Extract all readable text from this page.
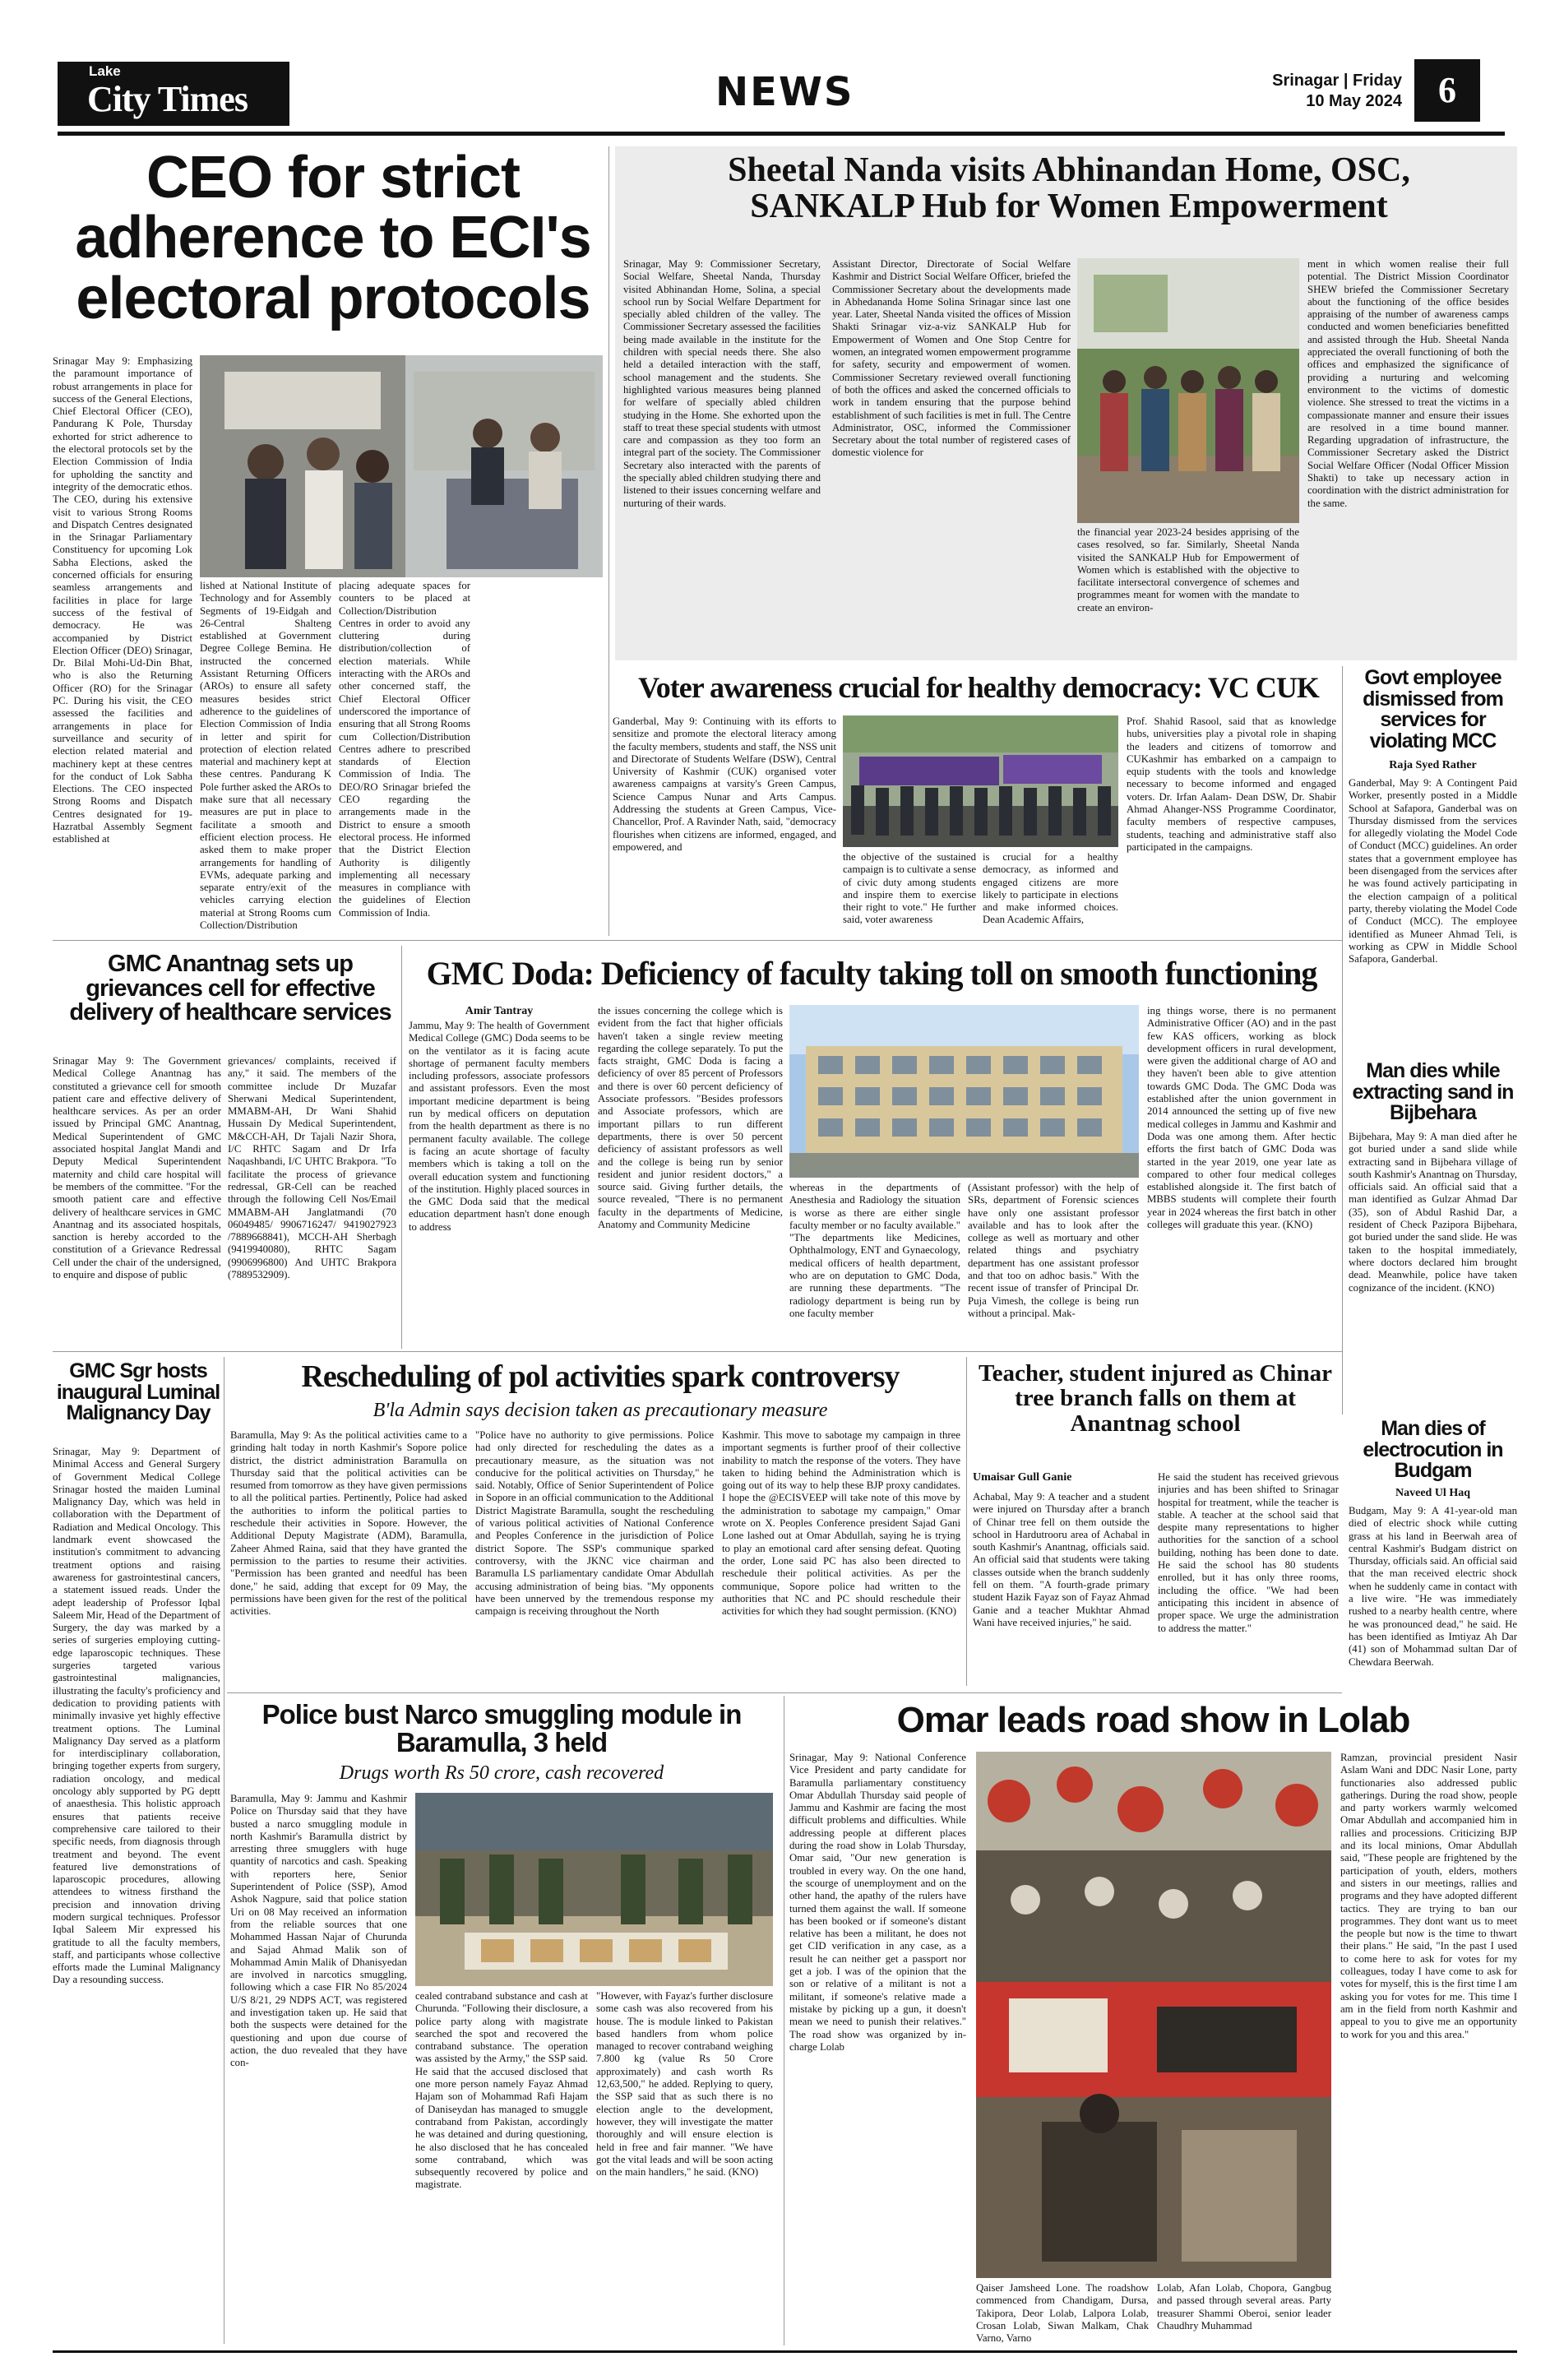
Lake
City Times	NEWS	Srinagar | Friday
10 May 2024	6
CEO for strict adherence to ECI's electoral protocols

Srinagar May 9: Emphasizing the paramount importance of robust arrangements in place for success of the General Elections, Chief Electoral Officer (CEO), Pandurang K Pole, Thursday exhorted for strict adherence to the electoral protocols set by the Election Commission of India for upholding the sanctity and integrity of the democratic ethos. The CEO, during his extensive visit to various Strong Rooms and Dispatch Centres designated in the Srinagar Parliamentary Constituency for upcoming Lok Sabha Elections, asked the concerned officials for ensuring seamless arrangements and facilities in place for large success of the festival of democracy. He was accompanied by District Election Officer (DEO) Srinagar, Dr. Bilal Mohi-Ud-Din Bhat, who is also the Returning Officer (RO) for the Srinagar PC. During his visit, the CEO assessed the facilities and arrangements in place for surveillance and security of election related material and machinery kept at these centres for the conduct of Lok Sabha Elections. The CEO inspected Strong Rooms and Dispatch Centres designated for 19-Hazratbal Assembly Segment established at

lished at National Institute of Technology and for Assembly Segments of 19-Eidgah and 26-Central Shalteng established at Government Degree College Bemina. He instructed the concerned Assistant Returning Officers (AROs) to ensure all safety measures besides strict adherence to the guidelines of Election Commission of India in letter and spirit for protection of election related material and machinery kept at these centres. Pandurang K Pole further asked the AROs to make sure that all necessary measures are put in place to facilitate a smooth and efficient election process. He asked them to make proper arrangements for handling of EVMs, adequate parking and separate entry/exit of the vehicles carrying election material at Strong Rooms cum Collection/Distribution

placing adequate spaces for counters to be placed at Collection/Distribution Centres in order to avoid any cluttering during distribution/collection of election materials. While interacting with the AROs and other concerned staff, the Chief Electoral Officer underscored the importance of ensuring that all Strong Rooms cum Collection/Distribution Centres adhere to prescribed standards of Election Commission of India. The DEO/RO Srinagar briefed the CEO regarding the arrangements made in the District to ensure a smooth electoral process. He informed that the District Election Authority is diligently implementing all necessary measures in compliance with the guidelines of Election Commission of India.

Sheetal Nanda visits Abhinandan Home, OSC, SANKALP Hub for Women Empowerment

Srinagar, May 9: Commissioner Secretary, Social Welfare, Sheetal Nanda, Thursday visited Abhinandan Home, Solina, a special school run by Social Welfare Department for specially abled children of the valley. The Commissioner Secretary assessed the facilities being made available in the institute for the children with special needs there. She also held a detailed interaction with the staff, school management and the students. She highlighted various measures being planned for welfare of specially abled children studying in the Home. She exhorted upon the staff to treat these special students with utmost care and compassion as they too form an integral part of the society. The Commissioner Secretary also interacted with the parents of the specially abled children studying there and listened to their issues concerning welfare and nurturing of their wards.

Assistant Director, Directorate of Social Welfare Kashmir and District Social Welfare Officer, briefed the Commissioner Secretary about the developments made in Abhedananda Home Solina Srinagar since last one year. Later, Sheetal Nanda visited the offices of Mission Shakti Srinagar viz-a-viz SANKALP Hub for Empowerment of Women and One Stop Centre for women, an integrated women empowerment programme for safety, security and empowerment of women. Commissioner Secretary reviewed overall functioning of both the offices and asked the concerned officials to work in tandem ensuring that the purpose behind establishment of such facilities is met in full. The Centre Administrator, OSC, informed the Commissioner Secretary about the total number of registered cases of domestic violence for

the financial year 2023-24 besides apprising of the cases resolved, so far. Similarly, Sheetal Nanda visited the SANKALP Hub for Empowerment of Women which is established with the objective to facilitate intersectoral convergence of schemes and programmes meant for women with the mandate to create an environ-

ment in which women realise their full potential. The District Mission Coordinator SHEW briefed the Commissioner Secretary about the functioning of the office besides appraising of the number of awareness camps conducted and women beneficiaries benefitted and assisted through the Hub. Sheetal Nanda appreciated the overall functioning of both the offices and emphasized the significance of providing a nurturing and welcoming environment to the victims of domestic violence. She stressed to treat the victims in a compassionate manner and ensure their issues are resolved in a time bound manner. Regarding upgradation of infrastructure, the Commissioner Secretary asked the District Social Welfare Officer (Nodal Officer Mission Shakti) to take up necessary action in coordination with the district administration for the same.

Voter awareness crucial for healthy democracy: VC CUK

Ganderbal, May 9: Continuing with its efforts to sensitize and promote the electoral literacy among the faculty members, students and staff, the NSS unit and Directorate of Students Welfare (DSW), Central University of Kashmir (CUK) organised voter awareness campaigns at varsity's Green Campus, Science Campus Nunar and Arts Campus. Addressing the students at Green Campus, Vice-Chancellor, Prof. A Ravinder Nath, said, "democracy flourishes when citizens are informed, engaged, and empowered, and

the objective of the sustained campaign is to cultivate a sense of civic duty among students and inspire them to exercise their right to vote." He further said, voter awareness

is crucial for a healthy democracy, as informed and engaged citizens are more likely to participate in elections and make informed choices. Dean Academic Affairs,

Prof. Shahid Rasool, said that as knowledge hubs, universities play a pivotal role in shaping the leaders and citizens of tomorrow and CUKashmir has embarked on a campaign to equip students with the tools and knowledge necessary to become informed and engaged voters. Dr. Irfan Aalam- Dean DSW, Dr. Shabir Ahmad Ahanger-NSS Programme Coordinator, faculty members of respective campuses, students, teaching and administrative staff also participated in the campaigns.

Govt employee dismissed from services for violating MCC
Raja Syed Rather

Ganderbal, May 9: A Contingent Paid Worker, presently posted in a Middle School at Safapora, Ganderbal was on Thursday dismissed from the services for allegedly violating the Model Code of Conduct (MCC) guidelines. An order states that a government employee has been disengaged from the services after he was found actively participating in the election campaign of a political party, thereby violating the Model Code of Conduct (MCC). The employee identified as Muneer Ahmad Teli, is working as CPW in Middle School Safapora, Ganderbal.

Man dies while extracting sand in Bijbehara

Bijbehara, May 9: A man died after he got buried under a sand slide while extracting sand in Bijbehara village of south Kashmir's Anantnag on Thursday, officials said. An official said that a man identified as Gulzar Ahmad Dar (35), son of Abdul Rashid Dar, a resident of Check Pazipora Bijbehara, got buried under the sand slide. He was taken to the hospital immediately, where doctors declared him brought dead. Meanwhile, police have taken cognizance of the incident. (KNO)

Man dies of electrocution in Budgam
Naveed Ul Haq

Budgam, May 9: A 41-year-old man died of electric shock while cutting grass at his land in Beerwah area of central Kashmir's Budgam district on Thursday, officials said. An official said that the man received electric shock when he suddenly came in contact with a live wire. "He was immediately rushed to a nearby health centre, where he was pronounced dead," he said. He has been identified as Imtiyaz Ah Dar (41) son of Mohammad sultan Dar of Chewdara Beerwah.

GMC Anantnag sets up grievances cell for effective delivery of healthcare services

Srinagar May 9: The Government Medical College Anantnag has constituted a grievance cell for smooth patient care and effective delivery of healthcare services. As per an order issued by Principal GMC Anantnag, Medical Superintendent of GMC associated hospital Janglat Mandi and Deputy Medical Superintendent maternity and child care hospital will be members of the committee. "For the smooth patient care and effective delivery of healthcare services in GMC Anantnag and its associated hospitals, sanction is hereby accorded to the constitution of a Grievance Redressal Cell under the chair of the undersigned, to enquire and dispose of public

grievances/ complaints, received if any," it said. The members of the committee include Dr Muzafar Sherwani Medical Superintendent, MMABM-AH, Dr Wani Shahid Hussain Dy Medical Superintendent, M&CCH-AH, Dr Tajali Nazir Shora, I/C RHTC Sagam and Dr Irfa Naqashbandi, I/C UHTC Brakpora. "To facilitate the process of grievance redressal, GR-Cell can be reached through the following Cell Nos/Email MMABM-AH Janglatmandi (70 06049485/ 9906716247/ 9419027923 /7889668841), MCCH-AH Sherbagh (9419940080), RHTC Sagam (9906996800) And UHTC Brakpora (7889532909).

GMC Doda: Deficiency of faculty taking toll on smooth functioning
Amir Tantray

Jammu, May 9: The health of Government Medical College (GMC) Doda seems to be on the ventilator as it is facing acute shortage of permanent faculty members including professors, associate professors and assistant professors. Even the most important medicine department is being run by medical officers on deputation from the health department as there is no permanent faculty available. The college is facing an acute shortage of faculty members which is taking a toll on the overall education system and functioning of the institution. Highly placed sources in the GMC Doda said that the medical education department hasn't done enough to address

the issues concerning the college which is evident from the fact that higher officials haven't taken a single review meeting regarding the college separately. To put the facts straight, GMC Doda is facing a deficiency of over 85 percent of Professors and there is over 60 percent deficiency of Associate professors. "Besides professors and Associate professors, which are important pillars to run different departments, there is over 50 percent deficiency of assistant professors as well and the college is being run by senior resident and junior resident doctors," a source said. Giving further details, the source revealed, "There is no permanent faculty in the departments of Medicine, Anatomy and Community Medicine

whereas in the departments of Anesthesia and Radiology the situation is worse as there are either single faculty member or no faculty available." "The departments like Medicines, Ophthalmology, ENT and Gynaecology, medical officers of health department, who are on deputation to GMC Doda, are running these departments. "The radiology department is being run by one faculty member

(Assistant professor) with the help of SRs, department of Forensic sciences have only one assistant professor available and has to look after the college as well as mortuary and other related things and psychiatry department has one assistant professor and that too on adhoc basis." With the recent issue of transfer of Principal Dr. Puja Vimesh, the college is being run without a principal. Mak-

ing things worse, there is no permanent Administrative Officer (AO) and in the past few KAS officers, working as block development officers in rural development, were given the additional charge of AO and they haven't been able to give attention towards GMC Doda. The GMC Doda was established after the union government in 2014 announced the setting up of five new medical colleges in Jammu and Kashmir and Doda was one among them. After hectic efforts the first batch of GMC Doda was started in the year 2019, one year late as compared to other four medical colleges established alongside it. The first batch of MBBS students will complete their fourth year in 2024 whereas the first batch in other colleges will graduate this year. (KNO)

GMC Sgr hosts inaugural Luminal Malignancy Day

Srinagar, May 9: Department of Minimal Access and General Surgery of Government Medical College Srinagar hosted the maiden Luminal Malignancy Day, which was held in collaboration with the Department of Radiation and Medical Oncology. This landmark event showcased the institution's commitment to advancing treatment options and raising awareness for gastrointestinal cancers, a statement issued reads. Under the adept leadership of Professor Iqbal Saleem Mir, Head of the Department of Surgery, the day was marked by a series of surgeries employing cutting-edge laparoscopic techniques. These surgeries targeted various gastrointestinal malignancies, illustrating the faculty's proficiency and dedication to providing patients with minimally invasive yet highly effective treatment options. The Luminal Malignancy Day served as a platform for interdisciplinary collaboration, bringing together experts from surgery, radiation oncology, and medical oncology ably supported by PG deptt of anaesthesia. This holistic approach ensures that patients receive comprehensive care tailored to their specific needs, from diagnosis through treatment and beyond. The event featured live demonstrations of laparoscopic procedures, allowing attendees to witness firsthand the precision and innovation driving modern surgical techniques. Professor Iqbal Saleem Mir expressed his gratitude to all the faculty members, staff, and participants whose collective efforts made the Luminal Malignancy Day a resounding success.

Rescheduling of pol activities spark controversy
B'la Admin says decision taken as precautionary measure

Baramulla, May 9: As the political activities came to a grinding halt today in north Kashmir's Sopore police district, the district administration Baramulla on Thursday said that the political activities can be resumed from tomorrow as they have given permissions to all the political parties. Pertinently, Police had asked the authorities to inform the political parties to reschedule their activities in Sopore. However, the Additional Deputy Magistrate (ADM), Baramulla, Zaheer Ahmed Raina, said that they have granted the permission to the parties to resume their activities. "Permission has been granted and needful has been done," he said, adding that except for 09 May, the permissions have been given for the rest of the political activities.

"Police have no authority to give permissions. Police had only directed for rescheduling the dates as a precautionary measure, as the situation was not conducive for the political activities on Thursday," he said. Notably, Office of Senior Superintendent of Police in Sopore in an official communication to the Additional District Magistrate Baramulla, sought the rescheduling of various political activities of National Conference and Peoples Conference in the jurisdiction of Police district Sopore. The SSP's communique sparked controversy, with the JKNC vice chairman and Baramulla LS parliamentary candidate Omar Abdullah accusing administration of being bias. "My opponents have been unnerved by the tremendous response my campaign is receiving throughout the North

Kashmir. This move to sabotage my campaign in three important segments is further proof of their collective inability to match the response of the voters. They have taken to hiding behind the Administration which is going out of its way to help these BJP proxy candidates. I hope the @ECISVEEP will take note of this move by the administration to sabotage my campaign," Omar wrote on X. Peoples Conference president Sajad Gani Lone lashed out at Omar Abdullah, saying he is trying to play an emotional card after sensing defeat. Quoting the order, Lone said PC has also been directed to reschedule their political activities. As per the communique, Sopore police had written to the authorities that NC and PC should reschedule their activities for which they had sought permission. (KNO)

Teacher, student injured as Chinar tree branch falls on them at Anantnag school
Umaisar Gull Ganie

Achabal, May 9: A teacher and a student were injured on Thursday after a branch of Chinar tree fell on them outside the school in Hardutrooru area of Achabal in south Kashmir's Anantnag, officials said. An official said that students were taking classes outside when the branch suddenly fell on them. "A fourth-grade primary student Hazik Fayaz son of Fayaz Ahmad Ganie and a teacher Mukhtar Ahmad Wani have received injuries," he said.

He said the student has received grievous injuries and has been shifted to Srinagar hospital for treatment, while the teacher is stable. A teacher at the school said that despite many representations to higher authorities for the sanction of a school building, nothing has been done to date. He said the school has 80 students enrolled, but it has only three rooms, including the office. "We had been anticipating this incident in absence of proper space. We urge the administration to address the matter."

Police bust Narco smuggling module in Baramulla, 3 held
Drugs worth Rs 50 crore, cash recovered

Baramulla, May 9: Jammu and Kashmir Police on Thursday said that they have busted a narco smuggling module in north Kashmir's Baramulla district by arresting three smugglers with huge quantity of narcotics and cash. Speaking with reporters here, Senior Superintendent of Police (SSP), Amod Ashok Nagpure, said that police station Uri on 08 May received an information from the reliable sources that one Mohammed Hassan Najar of Churunda and Sajad Ahmad Malik son of Mohammad Amin Malik of Dhanisyedan are involved in narcotics smuggling, following which a case FIR No 85/2024 U/S 8/21, 29 NDPS ACT, was registered and investigation taken up. He said that both the suspects were detained for the questioning and upon due course of action, the duo revealed that they have con-

cealed contraband substance and cash at Churunda. "Following their disclosure, a police party along with magistrate searched the spot and recovered the contraband substance. The operation was assisted by the Army," the SSP said. He said that the accused disclosed that one more person namely Fayaz Ahmad Hajam son of Mohammad Rafi Hajam of Daniseydan has managed to smuggle contraband from Pakistan, accordingly he was detained and during questioning, he also disclosed that he has concealed some contraband, which was subsequently recovered by police and magistrate.

"However, with Fayaz's further disclosure some cash was also recovered from his house. The is module linked to Pakistan based handlers from whom police managed to recover contraband weighing 7.800 kg (value Rs 50 Crore approximately) and cash worth Rs 12,63,500," he added. Replying to query, the SSP said that as such there is no election angle to the development, however, they will investigate the matter thoroughly and will ensure election is held in free and fair manner. "We have got the vital leads and will be soon acting on the main handlers," he said. (KNO)

Omar leads road show in Lolab

Srinagar, May 9: National Conference Vice President and party candidate for Baramulla parliamentary constituency Omar Abdullah Thursday said people of Jammu and Kashmir are facing the most difficult problems and difficulties. While addressing people at different places during the road show in Lolab Thursday, Omar said, "Our new generation is troubled in every way. On the one hand, the scourge of unemployment and on the other hand, the apathy of the rulers have turned them against the wall. If someone has been booked or if someone's distant relative has been a militant, he does not get CID verification in any case, as a result he can neither get a passport nor get a job. I was of the opinion that the son or relative of a militant is not a militant, if someone's relative made a mistake by picking up a gun, it doesn't mean we need to punish their relatives." The road show was organized by in-charge Lolab

Qaiser Jamsheed Lone. The roadshow commenced from Chandigam, Dursa, Takipora, Deor Lolab, Lalpora Lolab, Crosan Lolab, Siwan Malkam, Chak Varno, Varno

Lolab, Afan Lolab, Chopora, Gangbug and passed through several areas. Party treasurer Shammi Oberoi, senior leader Chaudhry Muhammad

Ramzan, provincial president Nasir Aslam Wani and DDC Nasir Lone, party functionaries also addressed public gatherings. During the road show, people and party workers warmly welcomed Omar Abdullah and accompanied him in rallies and processions. Criticizing BJP and its local minions, Omar Abdullah said, "These people are frightened by the participation of youth, elders, mothers and sisters in our meetings, rallies and programs and they have adopted different tactics. They are trying to ban our programmes. They dont want us to meet the people but now is the time to thwart their plans." He said, "In the past I used to come here to ask for votes for my colleagues, today I have come to ask for votes for myself, this is the first time I am asking you for votes for me. This time I am in the field from north Kashmir and appeal to you to give me an opportunity to work for you and this area."
